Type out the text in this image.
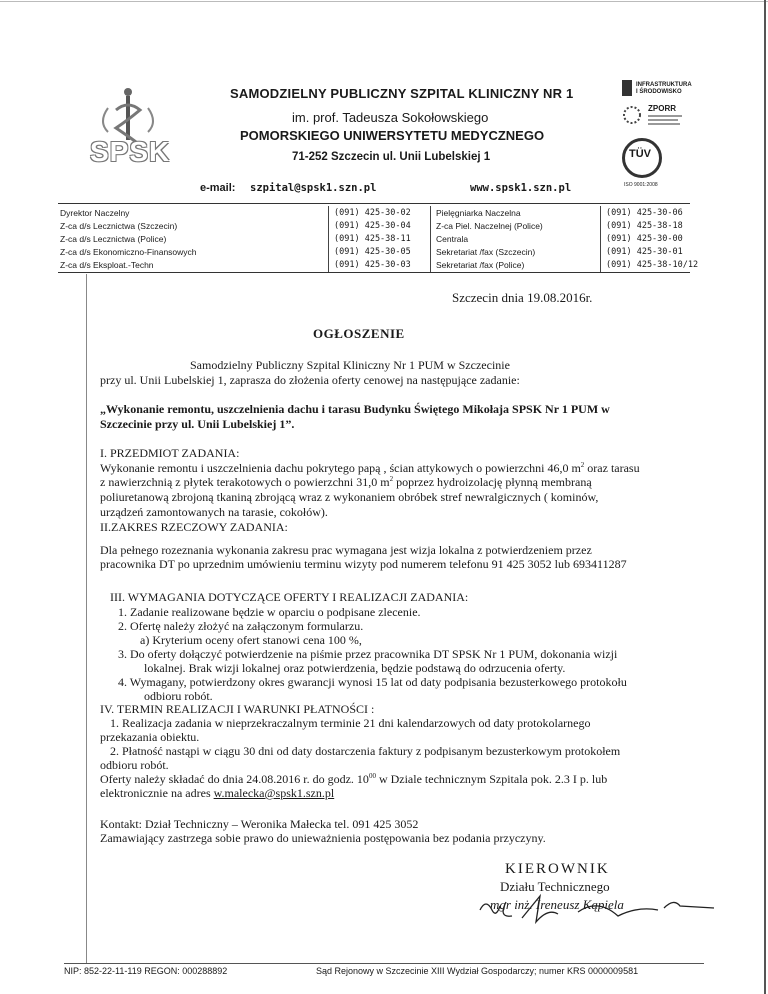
SPSK
SAMODZIELNY PUBLICZNY SZPITAL KLINICZNY NR 1
im. prof. Tadeusza Sokołowskiego
POMORSKIEGO UNIWERSYTETU MEDYCZNEGO
71-252 Szczecin ul. Unii Lubelskiej 1
INFRASTRUKTURA I ŚRODOWISKO
ZPORR
TÜV
ISO 9001:2008
e-mail: szpital@spsk1.szn.pl	www.spsk1.szn.pl
Dyrektor Naczelny	(091) 425-30-02	Pielęgniarka Naczelna	(091) 425-30-06
Z-ca d/s Lecznictwa (Szczecin)	(091) 425-30-04	Z-ca Piel. Naczelnej (Police)	(091) 425-38-18
Z-ca d/s Lecznictwa (Police)	(091) 425-38-11	Centrala	(091) 425-30-00
Z-ca d/s Ekonomiczno-Finansowych	(091) 425-30-05	Sekretariat /fax (Szczecin)	(091) 425-30-01
Z-ca d/s Eksploat.-Techn	(091) 425-30-03	Sekretariat /fax (Police)	(091) 425-38-10/12
Szczecin dnia 19.08.2016r.
OGŁOSZENIE
Samodzielny Publiczny Szpital Kliniczny Nr 1 PUM w Szczecinie
przy ul. Unii Lubelskiej 1, zaprasza do złożenia oferty cenowej na następujące zadanie:
„Wykonanie remontu, uszczelnienia dachu i tarasu Budynku Świętego Mikołaja SPSK Nr 1 PUM w
Szczecinie przy ul. Unii Lubelskiej 1”.
I. PRZEDMIOT ZADANIA:
Wykonanie remontu i uszczelnienia dachu pokrytego papą , ścian attykowych o powierzchni 46,0 $m^2$ oraz tarasu
z nawierzchnią z płytek terakotowych o powierzchni 31,0 $m^2$ poprzez hydroizolację płynną membraną
poliuretanową zbrojoną tkaniną zbrojącą wraz z wykonaniem obróbek stref newralgicznych ( kominów,
urządzeń zamontowanych na tarasie, cokołów).
II.ZAKRES RZECZOWY ZADANIA:
Dla pełnego rozeznania wykonania zakresu prac wymagana jest wizja lokalna z potwierdzeniem przez
pracownika DT po uprzednim umówieniu terminu wizyty pod numerem telefonu 91 425 3052 lub 693411287
III. WYMAGANIA DOTYCZĄCE OFERTY I REALIZACJI ZADANIA:
1. Zadanie realizowane będzie w oparciu o podpisane zlecenie.
2. Ofertę należy złożyć na załączonym formularzu.
a) Kryterium oceny ofert stanowi cena 100 %,
3. Do oferty dołączyć potwierdzenie na piśmie przez pracownika DT SPSK Nr 1 PUM, dokonania wizji
lokalnej. Brak wizji lokalnej oraz potwierdzenia, będzie podstawą do odrzucenia oferty.
4. Wymagany, potwierdzony okres gwarancji wynosi 15 lat od daty podpisania bezusterkowego protokołu
odbioru robót.
IV. TERMIN REALIZACJI I WARUNKI PŁATNOŚCI :
1. Realizacja zadania w nieprzekraczalnym terminie 21 dni kalendarzowych od daty protokolarnego
przekazania obiektu.
2. Płatność nastąpi w ciągu 30 dni od daty dostarczenia faktury z podpisanym bezusterkowym protokołem
odbioru robót.
Oferty należy składać do dnia 24.08.2016 r. do godz. $10^{00}$ w Dziale technicznym Szpitala pok. 2.3 I p. lub
elektronicznie na adres w.malecka@spsk1.szn.pl
Kontakt: Dział Techniczny – Weronika Małecka tel. 091 425 3052
Zamawiający zastrzega sobie prawo do unieważnienia postępowania bez podania przyczyny.
KIEROWNIK
Działu Technicznego
mgr inż. Ireneusz Kąpiela
NIP: 852-22-11-119 REGON: 000288892	Sąd Rejonowy w Szczecinie XIII Wydział Gospodarczy; numer KRS 0000009581
